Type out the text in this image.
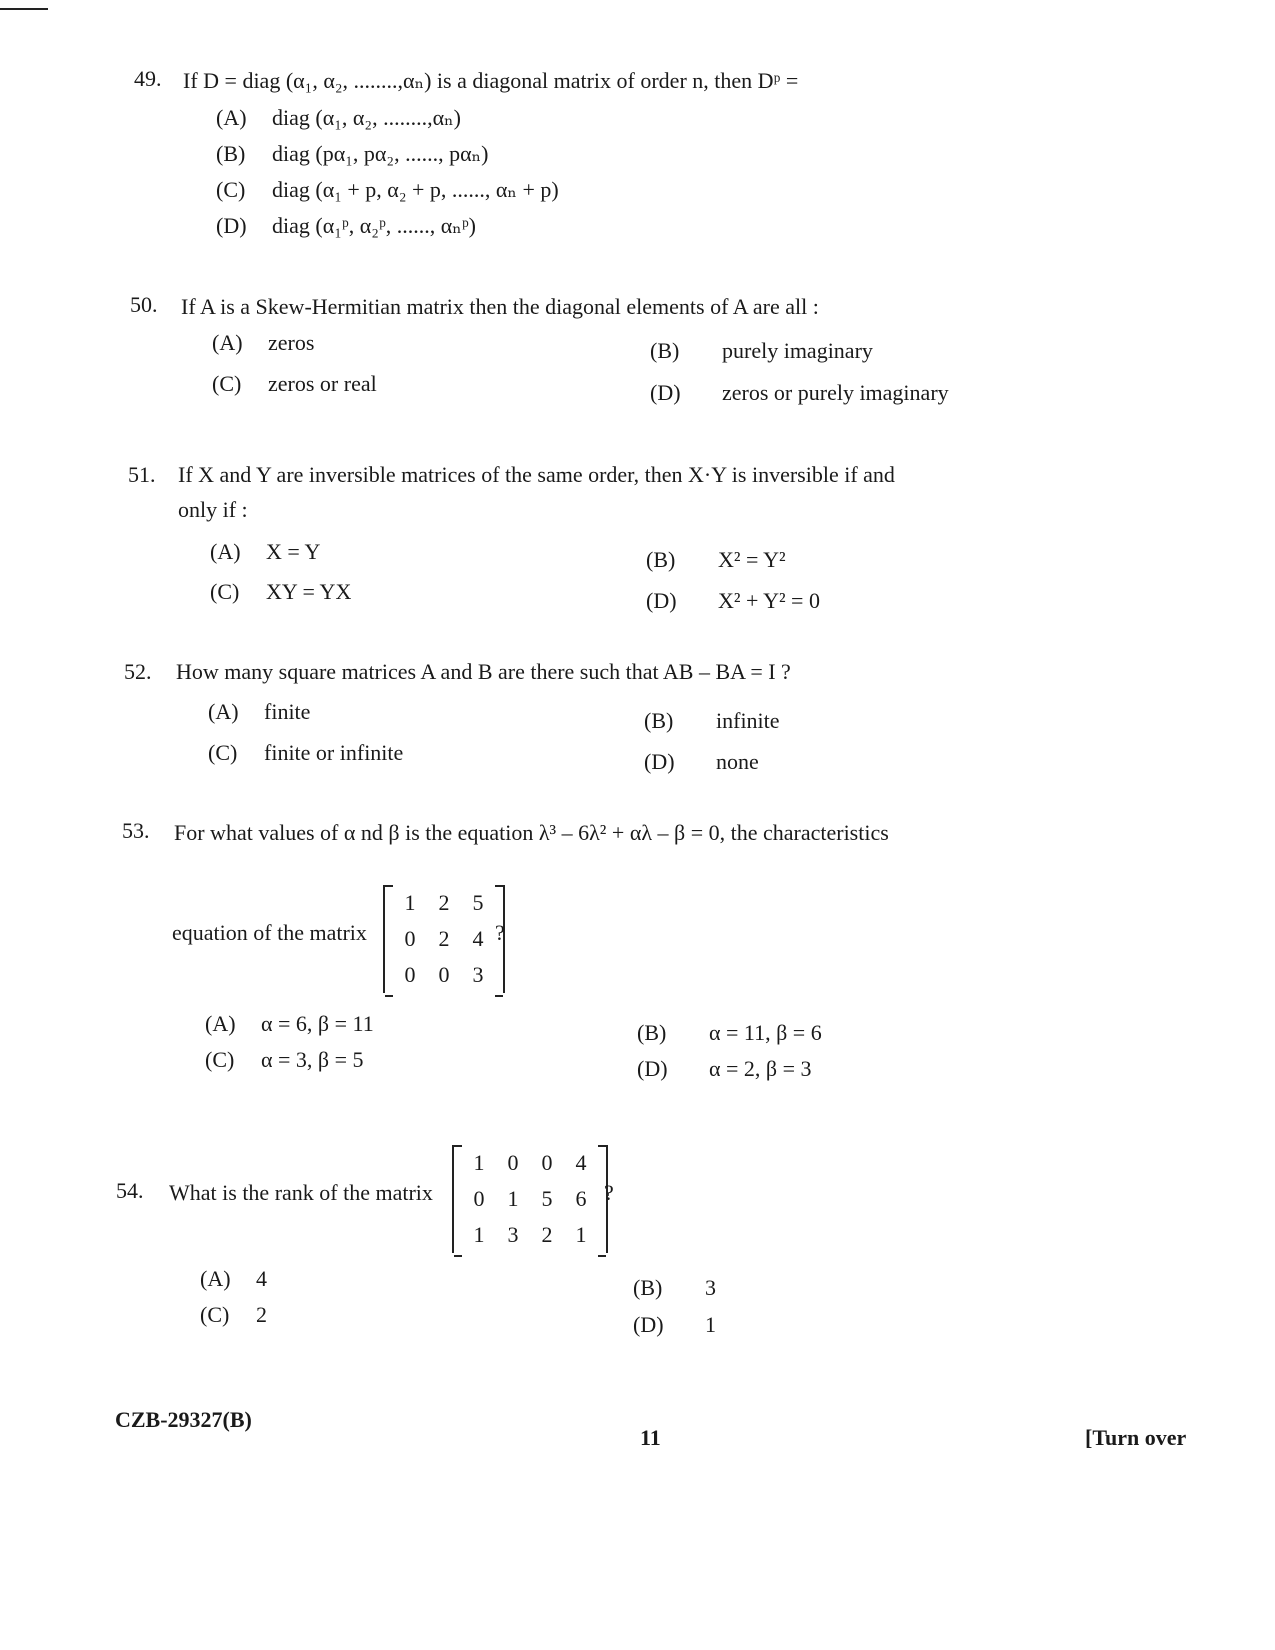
49. If D = diag (α₁, α₂, ........,αₙ) is a diagonal matrix of order n, then Dᵖ =
(A) diag (α₁, α₂, ........,αₙ)
(B) diag (pα₁, pα₂, ......, pαₙ)
(C) diag (α₁ + p, α₂ + p, ......, αₙ + p)
(D) diag (α₁ᵖ, α₂ᵖ, ......, αₙᵖ)
50. If A is a Skew-Hermitian matrix then the diagonal elements of A are all :
(A) zeros	(B) purely imaginary
(C) zeros or real	(D) zeros or purely imaginary
51. If X and Y are inversible matrices of the same order, then X·Y is inversible if and
only if :
(A) X = Y	(B) X² = Y²
(C) XY = YX	(D) X² + Y² = 0
52. How many square matrices A and B are there such that AB – BA = I ?
(A) finite	(B) infinite
(C) finite or infinite	(D) none
53. For what values of α nd β is the equation λ³ – 6λ² + αλ – β = 0, the characteristics
equation of the matrix
1	2	5
0	2	4
0	0	3
?
(A) α = 6, β = 11	(B) α = 11, β = 6
(C) α = 3, β = 5	(D) α = 2, β = 3
54. What is the rank of the matrix
1	0	0	4
0	1	5	6
1	3	2	1
?
(A) 4	(B) 3
(C) 2	(D) 1
CZB-29327(B)
11	[Turn over
